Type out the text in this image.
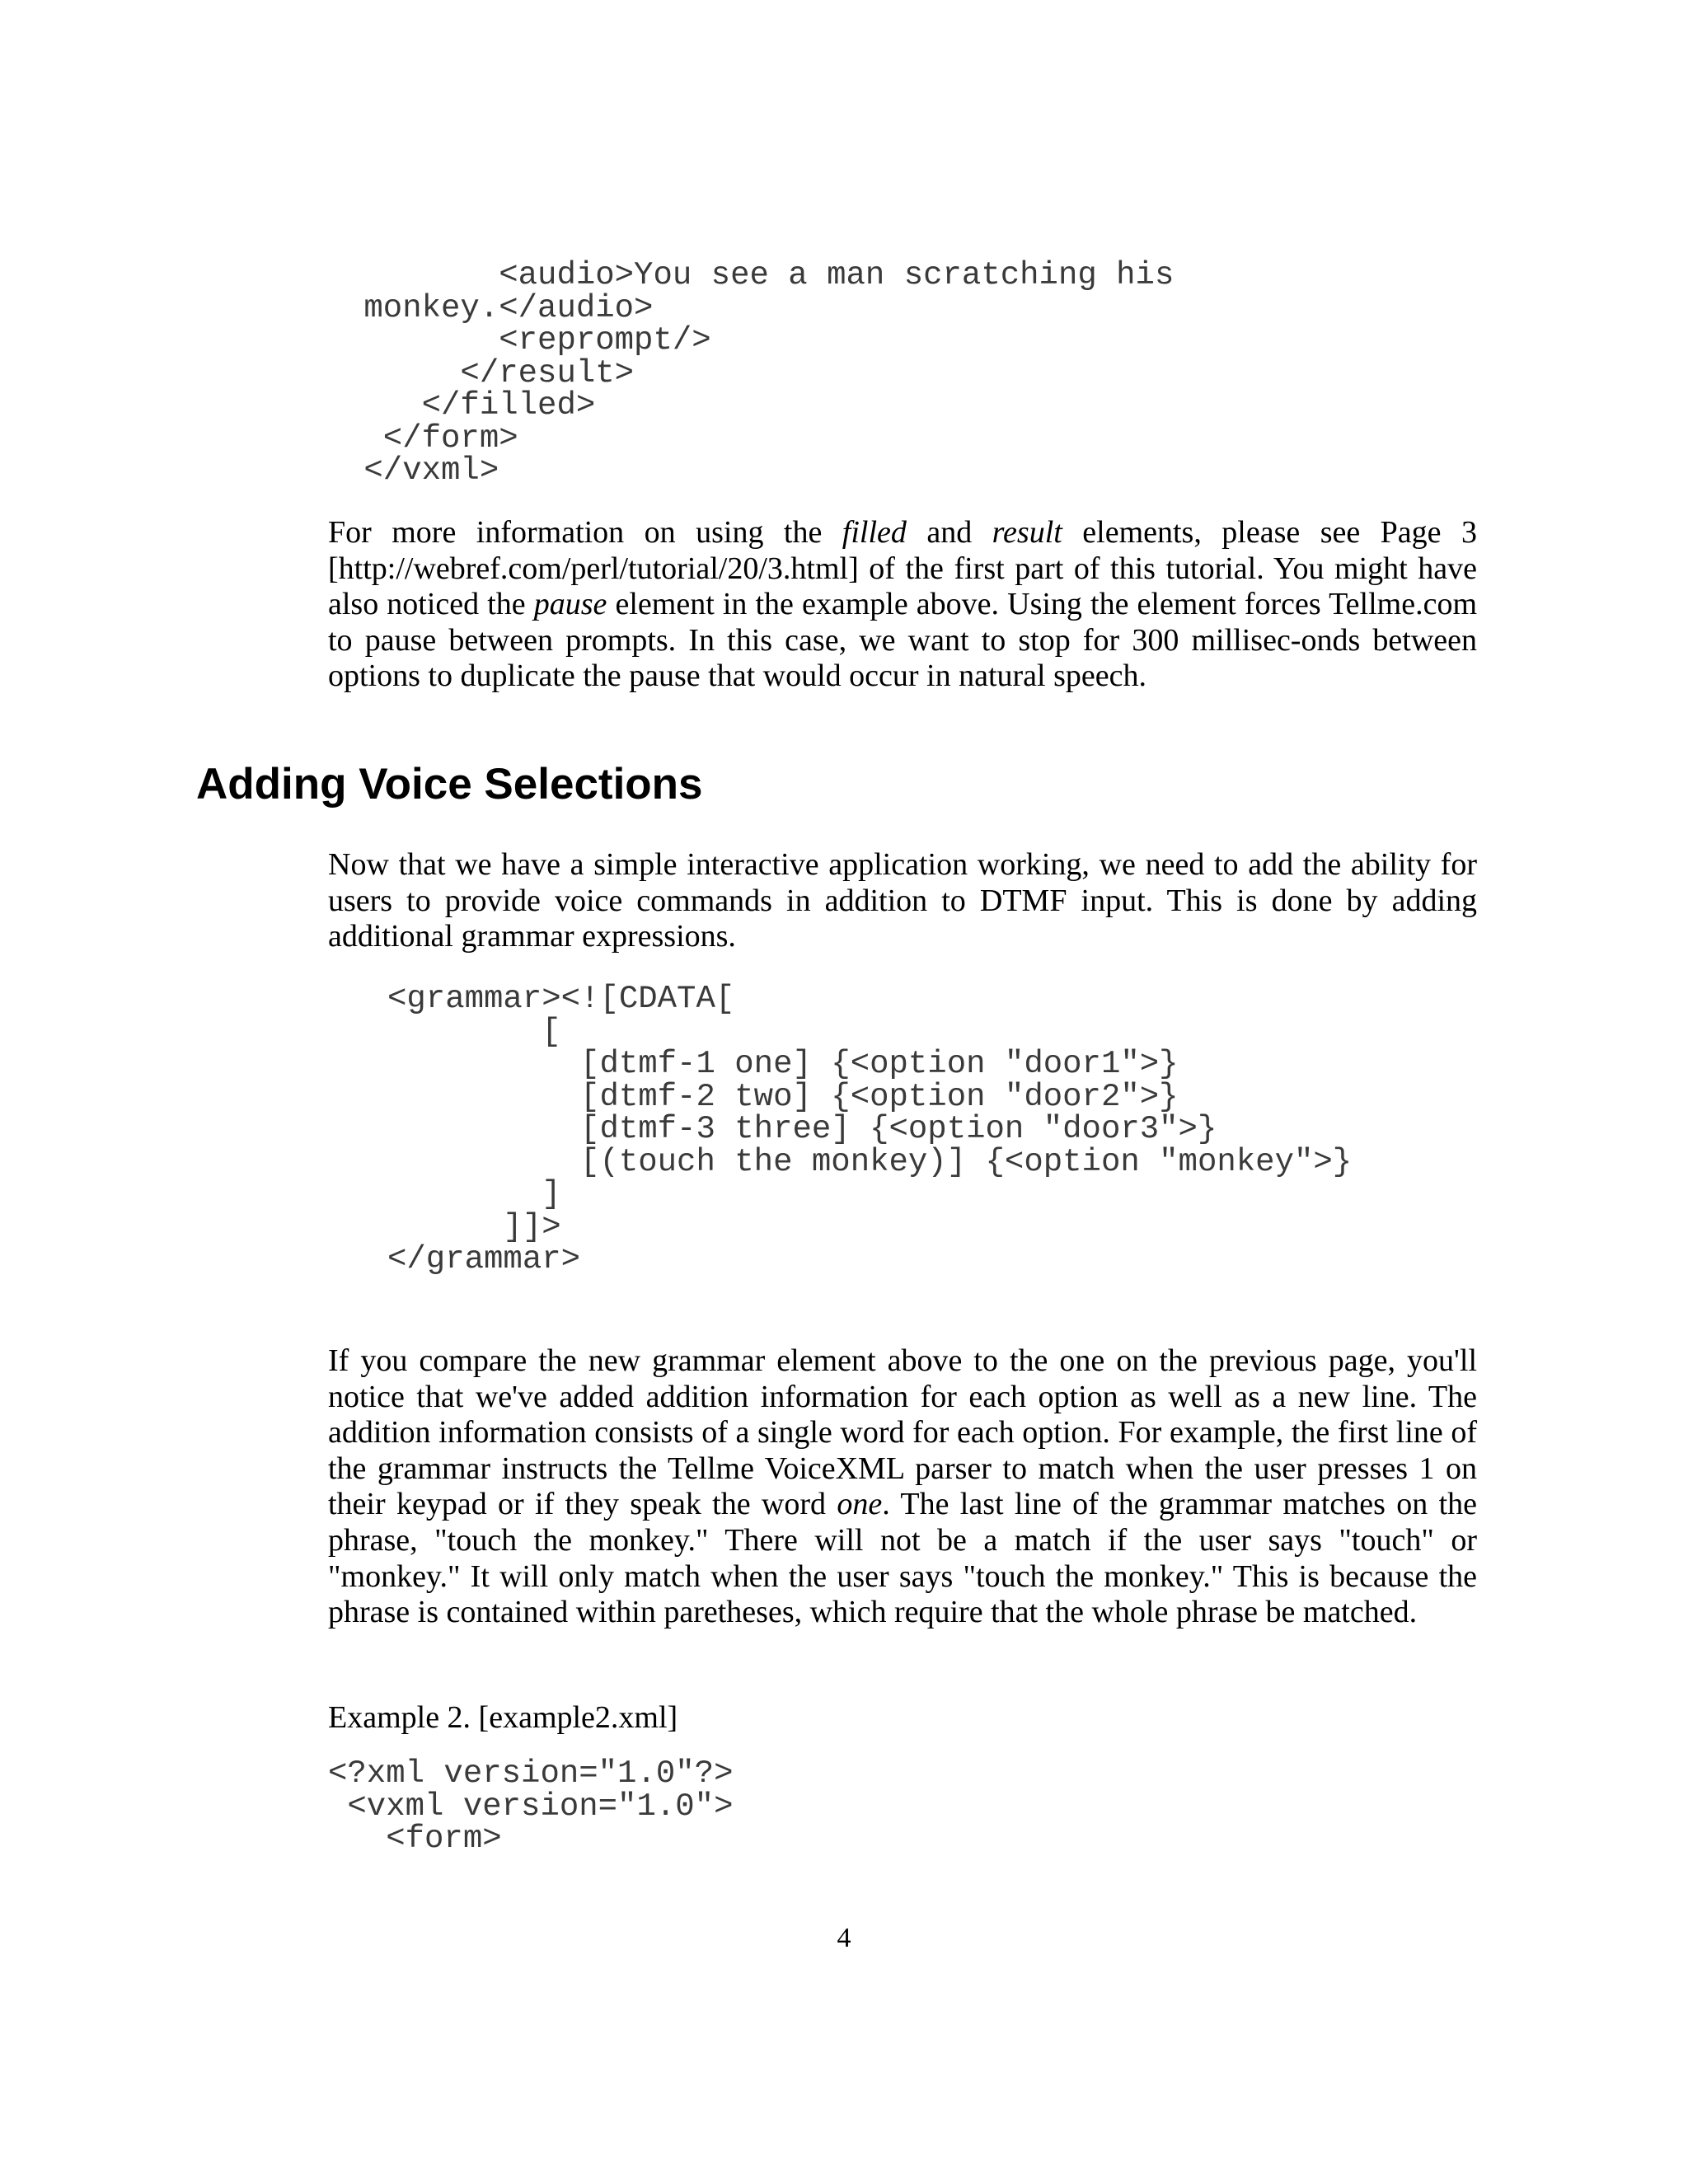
<audio>You see a man scratching his
monkey.</audio>
<reprompt/>
</result>
</filled>
</form>
</vxml>

For more information on using the filled and result elements, please see Page 3 [http://webref.com/perl/tutorial/20/3.html] of the first part of this tutorial. You might have also noticed the pause element in the example above. Using the element forces Tellme.com to pause between prompts. In this case, we want to stop for 300 millisec-onds between options to duplicate the pause that would occur in natural speech.

Adding Voice Selections

Now that we have a simple interactive application working, we need to add the ability for users to provide voice commands in addition to DTMF input. This is done by adding additional grammar expressions.

<grammar><![CDATA[
[
[dtmf-1 one] {<option "door1">}
[dtmf-2 two] {<option "door2">}
[dtmf-3 three] {<option "door3">}
[(touch the monkey)] {<option "monkey">}
]
]]>
</grammar>

If you compare the new grammar element above to the one on the previous page, you'll notice that we've added addition information for each option as well as a new line. The addition information consists of a single word for each option. For example, the first line of the grammar instructs the Tellme VoiceXML parser to match when the user presses 1 on their keypad or if they speak the word one. The last line of the grammar matches on the phrase, "touch the monkey." There will not be a match if the user says "touch" or "monkey." It will only match when the user says "touch the monkey." This is because the phrase is contained within paretheses, which require that the whole phrase be matched.

Example 2. [example2.xml]

<?xml version="1.0"?>
<vxml version="1.0">
<form>

4
